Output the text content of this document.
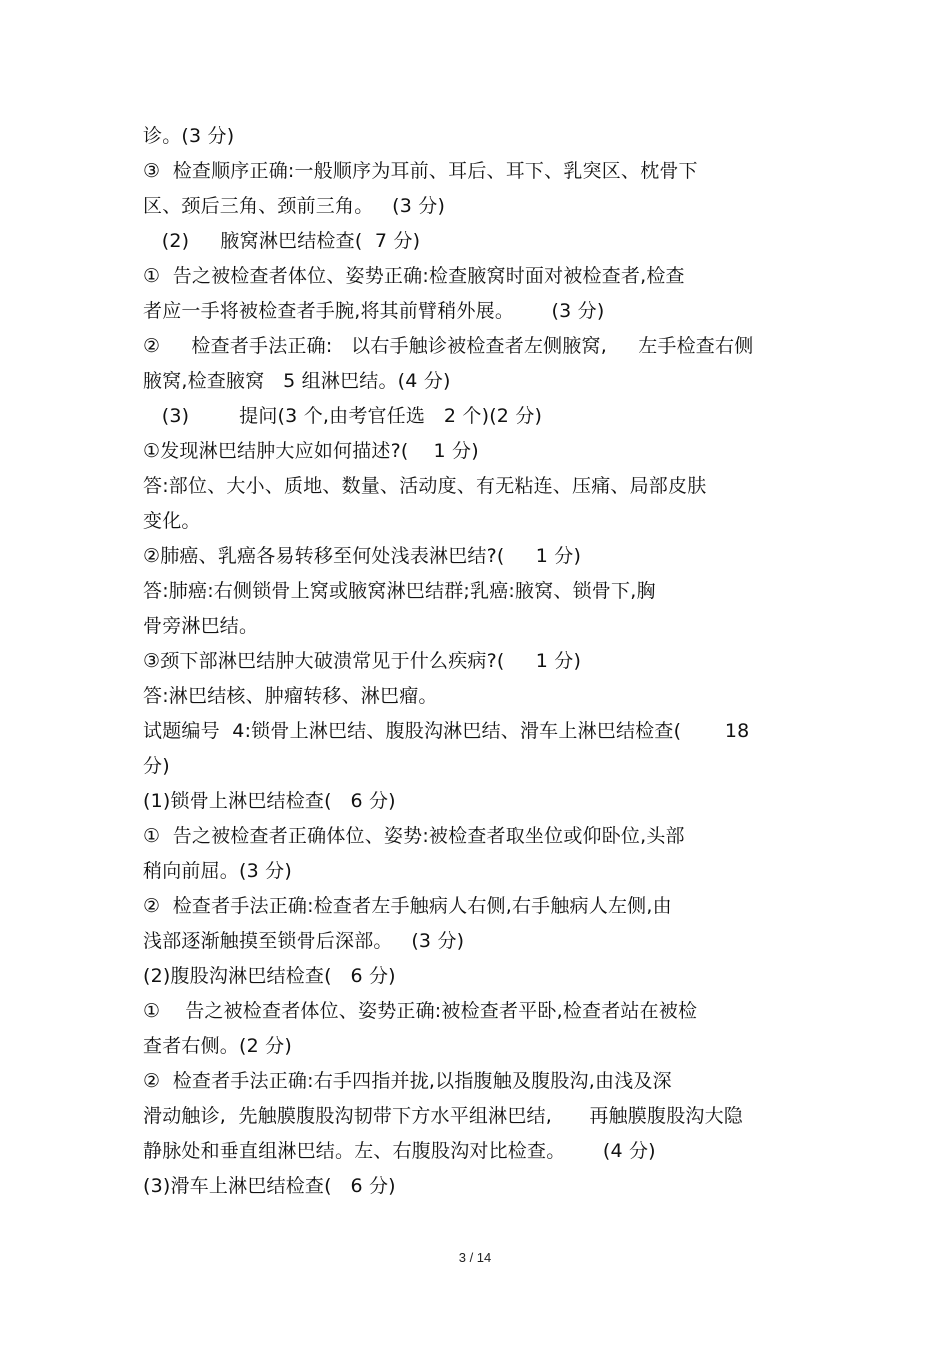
诊。(3 分)
③  检查顺序正确:一般顺序为耳前、耳后、耳下、乳突区、枕骨下
区、颈后三角、颈前三角。   (3 分)
(2)     腋窝淋巴结检查(  7 分)
①  告之被检查者体位、姿势正确:检查腋窝时面对被检查者,检查
者应一手将被检查者手腕,将其前臂稍外展。      (3 分)
②     检查者手法正确:   以右手触诊被检查者左侧腋窝,     左手检查右侧
腋窝,检查腋窝   5 组淋巴结。(4 分)
(3)        提问(3 个,由考官任选   2 个)(2 分)
①发现淋巴结肿大应如何描述?(    1 分)
答:部位、大小、质地、数量、活动度、有无粘连、压痛、局部皮肤
变化。
②肺癌、乳癌各易转移至何处浅表淋巴结?(     1 分)
答:肺癌:右侧锁骨上窝或腋窝淋巴结群;乳癌:腋窝、锁骨下,胸
骨旁淋巴结。
③颈下部淋巴结肿大破溃常见于什么疾病?(     1 分)
答:淋巴结核、肿瘤转移、淋巴瘤。
试题编号  4:锁骨上淋巴结、腹股沟淋巴结、滑车上淋巴结检查(       18
分)
(1)锁骨上淋巴结检查(   6 分)
①  告之被检查者正确体位、姿势:被检查者取坐位或仰卧位,头部
稍向前屈。(3 分)
②  检查者手法正确:检查者左手触病人右侧,右手触病人左侧,由
浅部逐渐触摸至锁骨后深部。   (3 分)
(2)腹股沟淋巴结检查(   6 分)
①    告之被检查者体位、姿势正确:被检查者平卧,检查者站在被检
查者右侧。(2 分)
②  检查者手法正确:右手四指并拢,以指腹触及腹股沟,由浅及深
滑动触诊,  先触膜腹股沟韧带下方水平组淋巴结,      再触膜腹股沟大隐
静脉处和垂直组淋巴结。左、右腹股沟对比检查。      (4 分)
(3)滑车上淋巴结检查(   6 分)
3 / 14
